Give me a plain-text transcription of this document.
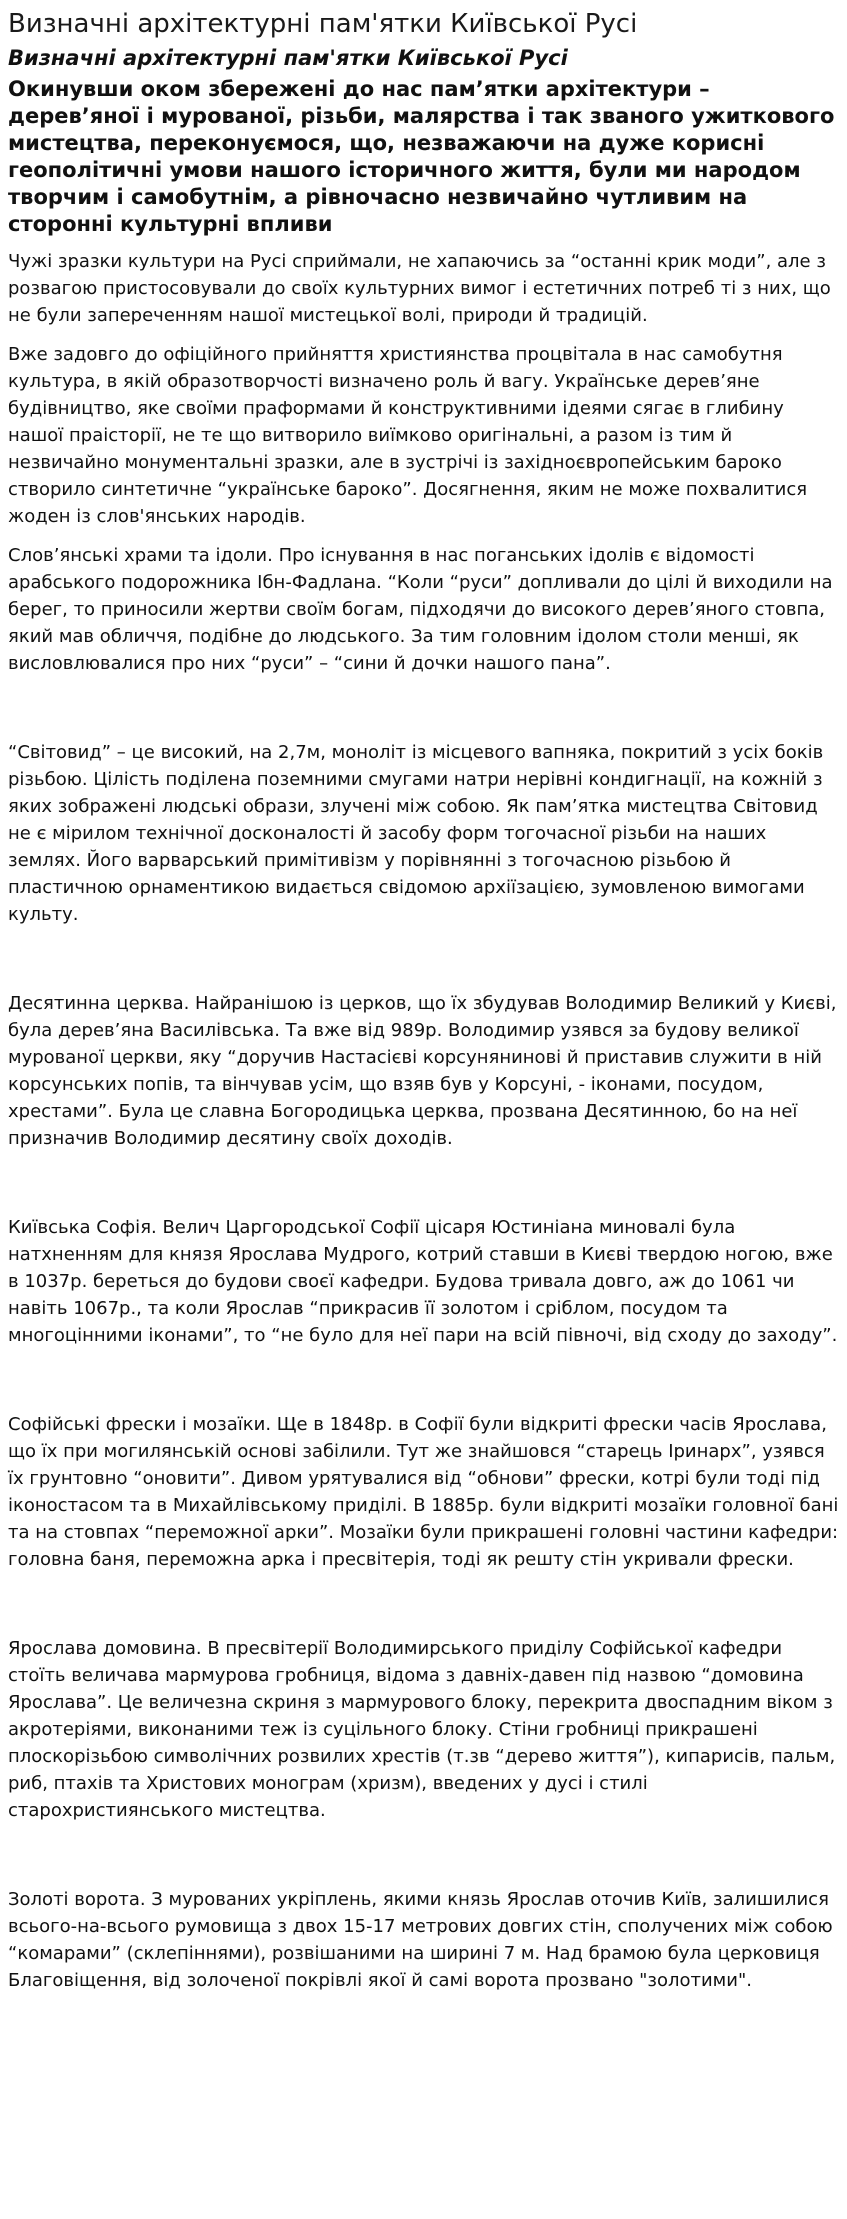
Визначні архітектурні пам'ятки Київської Русі
Визначні архітектурні пам'ятки Київської Русі

Окинувши оком збережені до нас пам’ятки архітектури – дерев’яної і мурованої, різьби, малярства і так званого ужиткового мистецтва, переконуємося, що, незважаючи на дуже корисні геополітичні умови нашого історичного життя, були ми народом творчим і самобутнім, а рівночасно незвичайно чутливим на сторонні культурні впливи

Чужі зразки культури на Русі сприймали, не хапаючись за “останні крик моди”, але з розвагою пристосовували до своїх культурних вимог і естетичних потреб ті з них, що не були запереченням нашої мистецької волі, природи й традицій.

Вже задовго до офіційного прийняття християнства процвітала в нас самобутня культура, в якій образотворчості визначено роль й вагу. Українське дерев’яне будівництво, яке своїми праформами й конструктивними ідеями сягає в глибину нашої праісторії, не те що витворило виїмково оригінальні, а разом із тим й незвичайно монументальні зразки, але в зустрічі із західноєвропейським бароко створило синтетичне “українське бароко”. Досягнення, яким не може похвалитися жоден із слов'янських народів.

Слов’янські храми та ідоли. Про існування в нас поганських ідолів є відомості арабського подорожника Ібн-Фадлана. “Коли “руси” допливали до цілі й виходили на берег, то приносили жертви своїм богам, підходячи до високого дерев’яного стовпа, який мав обличчя, подібне до людського. За тим головним ідолом столи менші, як висловлювалися про них “руси” – “сини й дочки нашого пана”.

“Світовид” – це високий, на 2,7м, моноліт із місцевого вапняка, покритий з усіх боків різьбою. Цілість поділена поземними смугами натри нерівні кондигнації, на кожній з яких зображені людські образи, злучені між собою. Як пам’ятка мистецтва Світовид не є мірилом технічної досконалості й засобу форм тогочасної різьби на наших землях. Його варварський примітивізм у порівнянні з тогочасною різьбою й пластичною орнаментикою видається свідомою архіїзацією, зумовленою вимогами культу.

Десятинна церква. Найранішою із церков, що їх збудував Володимир Великий у Києві, була дерев’яна Василівська. Та вже від 989р. Володимир узявся за будову великої мурованої церкви, яку “доручив Настасієві корсунянинові й приставив служити в ній корсунських попів, та вінчував усім, що взяв був у Корсуні, - іконами, посудом, хрестами”. Була це славна Богородицька церква, прозвана Десятинною, бо на неї призначив Володимир десятину своїх доходів.

Київська Софія. Велич Царгородської Софії цісаря Юстиніана миновалі була натхненням для князя Ярослава Мудрого, котрий ставши в Києві твердою ногою, вже в 1037р. береться до будови своєї кафедри. Будова тривала довго, аж до 1061 чи навіть 1067р., та коли Ярослав “прикрасив її золотом і сріблом, посудом та многоцінними іконами”, то “не було для неї пари на всій півночі, від сходу до заходу”.

Софійські фрески і мозаїки. Ще в 1848р. в Софії були відкриті фрески часів Ярослава, що їх при могилянській основі забілили. Тут же знайшовся “старець Іринарх”, узявся їх грунтовно “оновити”. Дивом урятувалися від “обнови” фрески, котрі були тоді під іконостасом та в Михайлівському приділі. В 1885р. були відкриті мозаїки головної бані та на стовпах “переможної арки”. Мозаїки були прикрашені головні частини кафедри: головна баня, переможна арка і пресвітерія, тоді як решту стін укривали фрески.

Ярослава домовина. В пресвітерії Володимирського приділу Софійської кафедри стоїть величава мармурова гробниця, відома з давніх-давен під назвою “домовина Ярослава”. Це величезна скриня з мармурового блоку, перекрита двоспадним віком з акротеріями, виконаними теж із суцільного блоку. Стіни гробниці прикрашені плоскорізьбою символічних розвилих хрестів (т.зв “дерево життя”), кипарисів, пальм, риб, птахів та Христових монограм (хризм), введених у дусі і стилі старохристиянського мистецтва.

Золоті ворота. З мурованих укріплень, якими князь Ярослав оточив Київ, залишилися всього-на-всього румовища з двох 15-17 метрових довгих стін, сполучених між собою “комарами” (склепіннями), розвішаними на ширині 7 м. Над брамою була церковиця Благовіщення, від золоченої покрівлі якої й самі ворота прозвано "золотими".
